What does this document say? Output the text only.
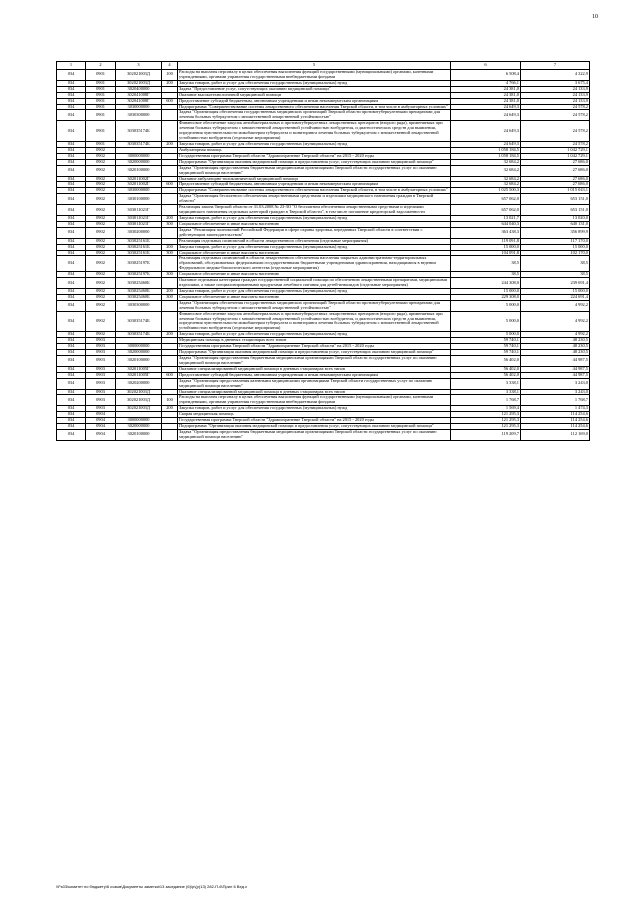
10
1	2	3	4	5	6	7
034	0901	302021003Д	100	Расходы на выплаты персоналу в целях обеспечения выполнения функций государственными (муниципальными) органами, казенными учреждениями, органами управления государственными внебюджетными фондами	6 508,4	4 322,9
034	0901	302021003Д	200	Закупка товаров, работ и услуг для обеспечения государственных (муниципальных) нужд	4 766,1	3 675,4
034	0901	3020400000		Задача "Предоставление услуг, сопутствующих оказанию медицинской помощи"	24 381,0	24 133,9
034	0901	302041008Г		Оказание высокотехнологичной медицинской помощи	24 381,0	24 133,9
034	0901	302041008Г	600	Предоставление субсидий бюджетным, автономным учреждениям и иным некоммерческим организациям	24 381,0	24 133,9
034	0901	3030000000		Подпрограмма "Совершенствование системы лекарственного обеспечения населения Тверской области, в том числе в амбулаторных условиях"	24 649,3	24 578,2
034	0901	3030300000		Задача "Организация обеспечения государственных медицинских организаций Тверской области противотуберкулезными препаратами для лечения больных туберкулезом с множественной лекарственной устойчивостью"	24 649,3	24 578,2
034	0901	303035174Б		Финансовое обеспечение закупок антибактериальных и противотуберкулезных лекарственных препаратов (второго ряда), применяемых при лечении больных туберкулезом с множественной лекарственной устойчивостью возбудителя, и диагностических средств для выявления, определения чувствительности микобактерии туберкулеза и мониторинга лечения больных туберкулезом с множественной лекарственной устойчивостью возбудителя (отдельные мероприятия)	24 649,3	24 578,2
034	0901	303035174Б	200	Закупка товаров, работ и услуг для обеспечения государственных (муниципальных) нужд	24 649,3	24 578,2
034	0902			Амбулаторная помощь	1 058 184,5	1 042 729,1
034	0902	3000000000		Государственная программа Тверской области "Здравоохранение Тверской области" на 2015 - 2020 годы	1 058 184,5	1 042 729,1
034	0902	3020000000		Подпрограмма "Организация оказания медицинской помощи и предоставления услуг, сопутствующих оказанию медицинской помощи"	32 684,2	27 686,0
034	0902	3020100000		Задача "Организация предоставления бюджетными медицинскими организациями Тверской области государственных услуг по оказанию медицинской помощи населению"	32 684,2	27 686,0
034	0902	302011002Г		Оказание амбулаторно-поликлинической медицинской помощи	32 684,2	27 686,0
034	0902	302011002Г	600	Предоставление субсидий бюджетным, автономным учреждениям и иным некоммерческим организациям	32 684,2	27 686,0
034	0902	3030000000		Подпрограмма "Совершенствование системы лекарственного обеспечения населения Тверской области, в том числе в амбулаторных условиях"	1 025 500,3	1 015 043,1
034	0902	3030100000		Задача "Организация бесплатного обеспечения лекарственными средствами и изделиями медицинского назначения граждан в Тверской области"	657 062,0	653 151,0
034	0902	303011021Г		Реализация закона Тверской области от 31.03.2008 № 23-ЗО "О бесплатном обеспечении лекарственными средствами и изделиями медицинского назначения отдельных категорий граждан в Тверской области", в том числе погашение кредиторской задолженности	657 062,0	653 151,0
034	0902	303011021Г	200	Закупка товаров, работ и услуг для обеспечения государственных (муниципальных) нужд	13 021,7	13 020,0
034	0902	303011021Г	300	Социальное обеспечение и иные выплаты населению	644 040,3	640 131,0
034	0902	3030200000		Задача "Реализация полномочий Российской Федерации в сфере охраны здоровья, переданных Тверской области в соответствии с действующим законодательством"	363 438,3	356 899,9
034	0902	303025161Б		Реализация отдельных полномочий в области лекарственного обеспечения (отдельные мероприятия)	119 091,8	117 170,0
034	0902	303025161Б	200	Закупка товаров, работ и услуг для обеспечения государственных (муниципальных) нужд	15 000,0	15 000,0
034	0902	303025161Б	300	Социальное обеспечение и иные выплаты населению	104 091,8	102 170,0
034	0902	303025197Б		Реализация отдельных полномочий в области лекарственного обеспечения населения закрытых административно-территориальных образований, обслуживаемых федеральными государственными бюджетными учреждениями здравоохранения, находящимися в ведении Федерального медико-биологического агентства (отдельные мероприятия)	38,5	38,5
034	0902	303025197Б	300	Социальное обеспечение и иные выплаты населению	38,5	38,5
034	0902	303025460Б		Оказание отдельным категориям граждан государственной социальной помощи по обеспечению лекарственными препаратами, медицинскими изделиями, а также специализированными продуктами лечебного питания для детей-инвалидов (отдельные мероприятия)	244 308,0	239 691,4
034	0902	303025460Б	200	Закупка товаров, работ и услуг для обеспечения государственных (муниципальных) нужд	15 000,0	15 000,0
034	0902	303025460Б	300	Социальное обеспечение и иные выплаты населению	229 308,0	224 691,4
034	0902	3030300000		Задача "Организация обеспечения государственных медицинских организаций Тверской области противотуберкулезными препаратами для лечения больных туберкулезом с множественной лекарственной устойчивостью"	5 000,0	4 992,2
034	0902	303035174Б		Финансовое обеспечение закупок антибактериальных и противотуберкулезных лекарственных препаратов (второго ряда), применяемых при лечении больных туберкулезом с множественной лекарственной устойчивостью возбудителя, и диагностических средств для выявления, определения чувствительности микобактерии туберкулеза и мониторинга лечения больных туберкулезом с множественной лекарственной устойчивостью возбудителя (отдельные мероприятия)	5 000,0	4 992,2
034	0902	303035174Б	200	Закупка товаров, работ и услуг для обеспечения государственных (муниципальных) нужд	5 000,0	4 992,2
034	0903			Медицинская помощь в дневных стационарах всех типов	59 740,1	48 230,5
034	0903	3000000000		Государственная программа Тверской области "Здравоохранение Тверской области" на 2015 - 2020 годы	59 740,1	48 230,5
034	0903	3020000000		Подпрограмма "Организация оказания медицинской помощи и предоставления услуг, сопутствующих оказанию медицинской помощи"	59 740,1	48 230,5
034	0903	3020100000		Задача "Организация предоставления бюджетными медицинскими организациями Тверской области государственных услуг по оказанию медицинской помощи населению"	56 402,0	44 987,5
034	0903	302011005Г		Оказание специализированной медицинской помощи в дневных стационарах всех типов	56 402,0	44 987,5
034	0903	302011005Г	600	Предоставление субсидий бюджетным, автономным учреждениям и иным некоммерческим организациям	56 402,0	44 987,5
034	0903	3020200000		Задача "Организация предоставления казенными медицинскими организациями Тверской области государственных услуг по оказанию медицинской помощи населению"	3 338,1	3 243,0
034	0903	302021003Д		Оказание специализированной медицинской помощи в дневных стационарах всех типов	3 338,1	3 243,0
034	0903	302021003Д	100	Расходы на выплаты персоналу в целях обеспечения выполнения функций государственными (муниципальными) органами, казенными учреждениями, органами управления государственными внебюджетными фондами	1 768,7	1 768,7
034	0903	302021003Д	200	Закупка товаров, работ и услуг для обеспечения государственных (муниципальных) нужд	1 569,4	1 474,3
034	0904			Скорая медицинская помощь	121 295,3	114 254,6
034	0904	3000000000		Государственная программа Тверской области "Здравоохранение Тверской области" на 2015 - 2020 годы	121 295,3	114 254,6
034	0904	3020000000		Подпрограмма "Организация оказания медицинской помощи и предоставления услуг, сопутствующих оказанию медицинской помощи"	121 295,3	114 254,6
034	0904	3020100000		Задача "Организация предоставления бюджетными медицинскими организациями Тверской области государственных услуг по оказанию медицинской помощи населению"	119 209,7	112 169,0
\\Fs03\комитет по бюджету\6 созыв\Документы заметки\13 заседание (6)\р\(р(13) 282-П-6\Прил 6 Вед.х
